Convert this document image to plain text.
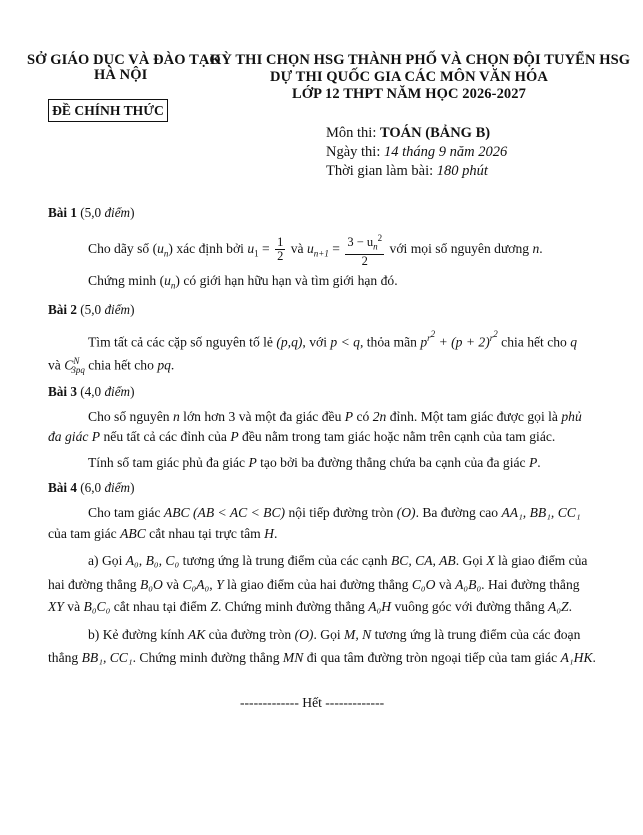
SỞ GIÁO DỤC VÀ ĐÀO TẠO
HÀ NỘI
KỲ THI CHỌN HSG THÀNH PHỐ VÀ CHỌN ĐỘI TUYỂN HSG
DỰ THI QUỐC GIA CÁC MÔN VĂN HÓA
LỚP 12 THPT NĂM HỌC 2026-2027
ĐỀ CHÍNH THỨC
Môn thi: TOÁN (BẢNG B)
Ngày thi: 14 tháng 9 năm 2026
Thời gian làm bài: 180 phút
Bài 1 (5,0 điểm)
Cho dãy số $(u_n)$ xác định bởi $u_1 = \frac{1}{2}$ và $u_{n+1} = \frac{3 - u_n^2}{2}$ với mọi số nguyên dương n.
Chứng minh $(u_n)$ có giới hạn hữu hạn và tìm giới hạn đó.
Bài 2 (5,0 điểm)
Tìm tất cả các cặp số nguyên tố lẻ (p,q), với p < q, thỏa mãn $p^{r^2} + (p + 2)^{r^2}$ chia hết cho q
và $C^N_{3pq}$ chia hết cho pq.
Bài 3 (4,0 điểm)
Cho số nguyên n lớn hơn 3 và một đa giác đều P có 2n đỉnh. Một tam giác được gọi là phủ
đa giác P nếu tất cả các đỉnh của P đều nằm trong tam giác hoặc nằm trên cạnh của tam giác.
Tính số tam giác phủ đa giác P tạo bởi ba đường thẳng chứa ba cạnh của đa giác P.
Bài 4 (6,0 điểm)
Cho tam giác ABC (AB < AC < BC) nội tiếp đường tròn (O). Ba đường cao AA₁, BB₁, CC₁
của tam giác ABC cắt nhau tại trực tâm H.
a) Gọi A₀, B₀, C₀ tương ứng là trung điểm của các cạnh BC, CA, AB. Gọi X là giao điểm của
hai đường thẳng B₀O và C₀A₀, Y là giao điểm của hai đường thẳng C₀O và A₀B₀. Hai đường thẳng
XY và B₀C₀ cắt nhau tại điểm Z. Chứng minh đường thẳng A₀H vuông góc với đường thẳng A₀Z.
b) Kẻ đường kính AK của đường tròn (O). Gọi M, N tương ứng là trung điểm của các đoạn
thẳng BB₁, CC₁. Chứng minh đường thẳng MN đi qua tâm đường tròn ngoại tiếp của tam giác A₁HK.
------------- Hết -------------
